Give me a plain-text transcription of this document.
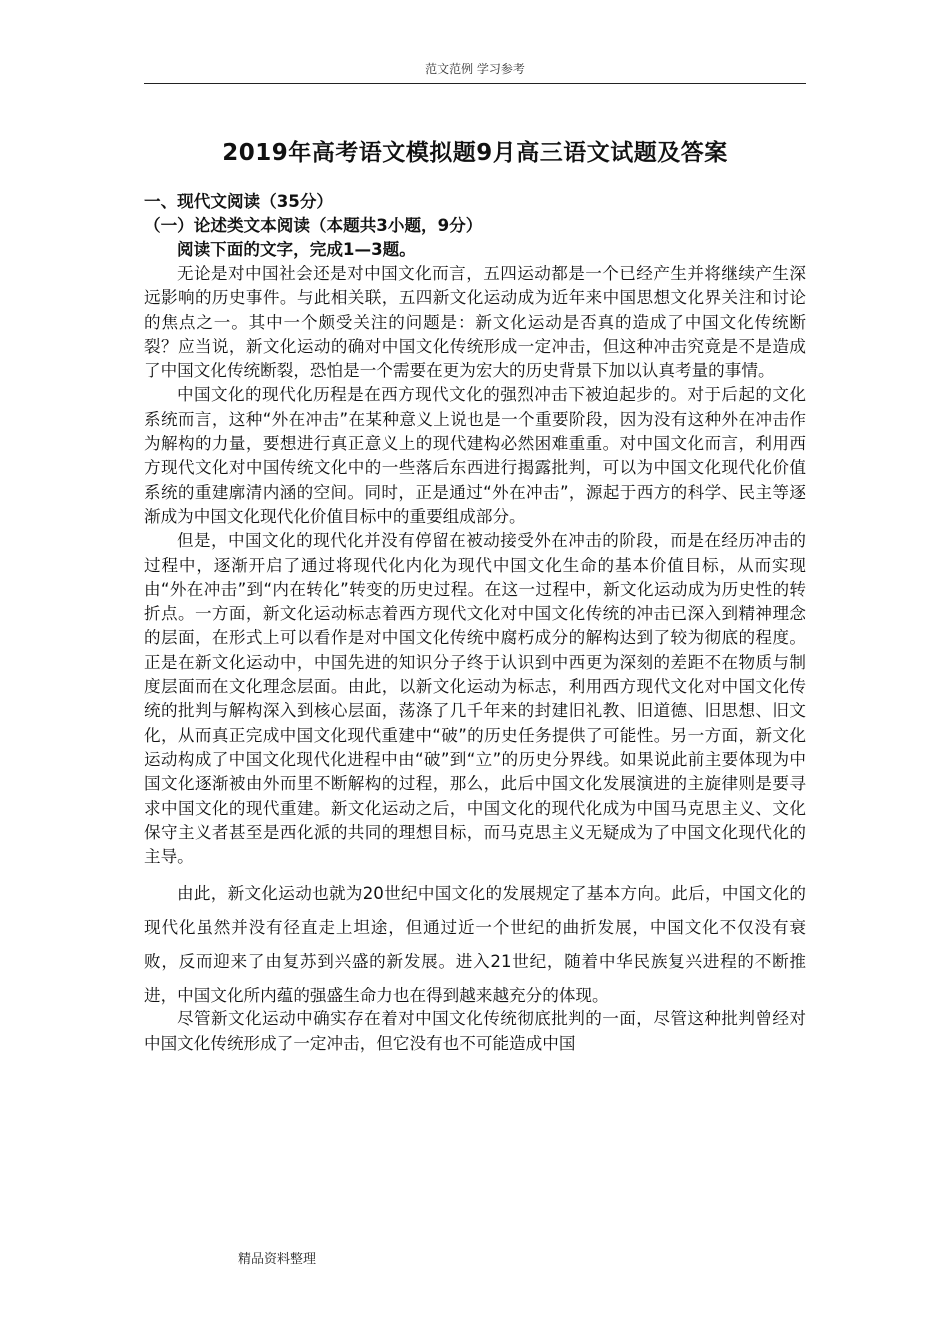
范文范例 学习参考
2019年高考语文模拟题9月高三语文试题及答案

一、现代文阅读（35分）

（一）论述类文本阅读（本题共3小题，9分）

阅读下面的文字，完成1—3题。

无论是对中国社会还是对中国文化而言，五四运动都是一个已经产生并将继续产生深远影响的历史事件。与此相关联，五四新文化运动成为近年来中国思想文化界关注和讨论的焦点之一。其中一个颇受关注的问题是：新文化运动是否真的造成了中国文化传统断裂？应当说，新文化运动的确对中国文化传统形成一定冲击，但这种冲击究竟是不是造成了中国文化传统断裂，恐怕是一个需要在更为宏大的历史背景下加以认真考量的事情。

中国文化的现代化历程是在西方现代文化的强烈冲击下被迫起步的。对于后起的文化系统而言，这种“外在冲击”在某种意义上说也是一个重要阶段，因为没有这种外在冲击作为解构的力量，要想进行真正意义上的现代建构必然困难重重。对中国文化而言，利用西方现代文化对中国传统文化中的一些落后东西进行揭露批判，可以为中国文化现代化价值系统的重建廓清内涵的空间。同时，正是通过“外在冲击”，源起于西方的科学、民主等逐渐成为中国文化现代化价值目标中的重要组成部分。

但是，中国文化的现代化并没有停留在被动接受外在冲击的阶段，而是在经历冲击的过程中，逐渐开启了通过将现代化内化为现代中国文化生命的基本价值目标，从而实现由“外在冲击”到“内在转化”转变的历史过程。在这一过程中，新文化运动成为历史性的转折点。一方面，新文化运动标志着西方现代文化对中国文化传统的冲击已深入到精神理念的层面，在形式上可以看作是对中国文化传统中腐朽成分的解构达到了较为彻底的程度。正是在新文化运动中，中国先进的知识分子终于认识到中西更为深刻的差距不在物质与制度层面而在文化理念层面。由此，以新文化运动为标志，利用西方现代文化对中国文化传统的批判与解构深入到核心层面，荡涤了几千年来的封建旧礼教、旧道德、旧思想、旧文化，从而真正完成中国文化现代重建中“破”的历史任务提供了可能性。另一方面，新文化运动构成了中国文化现代化进程中由“破”到“立”的历史分界线。如果说此前主要体现为中国文化逐渐被由外而里不断解构的过程，那么，此后中国文化发展演进的主旋律则是要寻求中国文化的现代重建。新文化运动之后，中国文化的现代化成为中国马克思主义、文化保守主义者甚至是西化派的共同的理想目标，而马克思主义无疑成为了中国文化现代化的主导。

由此，新文化运动也就为20世纪中国文化的发展规定了基本方向。此后，中国文化的现代化虽然并没有径直走上坦途，但通过近一个世纪的曲折发展，中国文化不仅没有衰败，反而迎来了由复苏到兴盛的新发展。进入21世纪，随着中华民族复兴进程的不断推进，中国文化所内蕴的强盛生命力也在得到越来越充分的体现。

尽管新文化运动中确实存在着对中国文化传统彻底批判的一面，尽管这种批判曾经对中国文化传统形成了一定冲击，但它没有也不可能造成中国

精品资料整理
